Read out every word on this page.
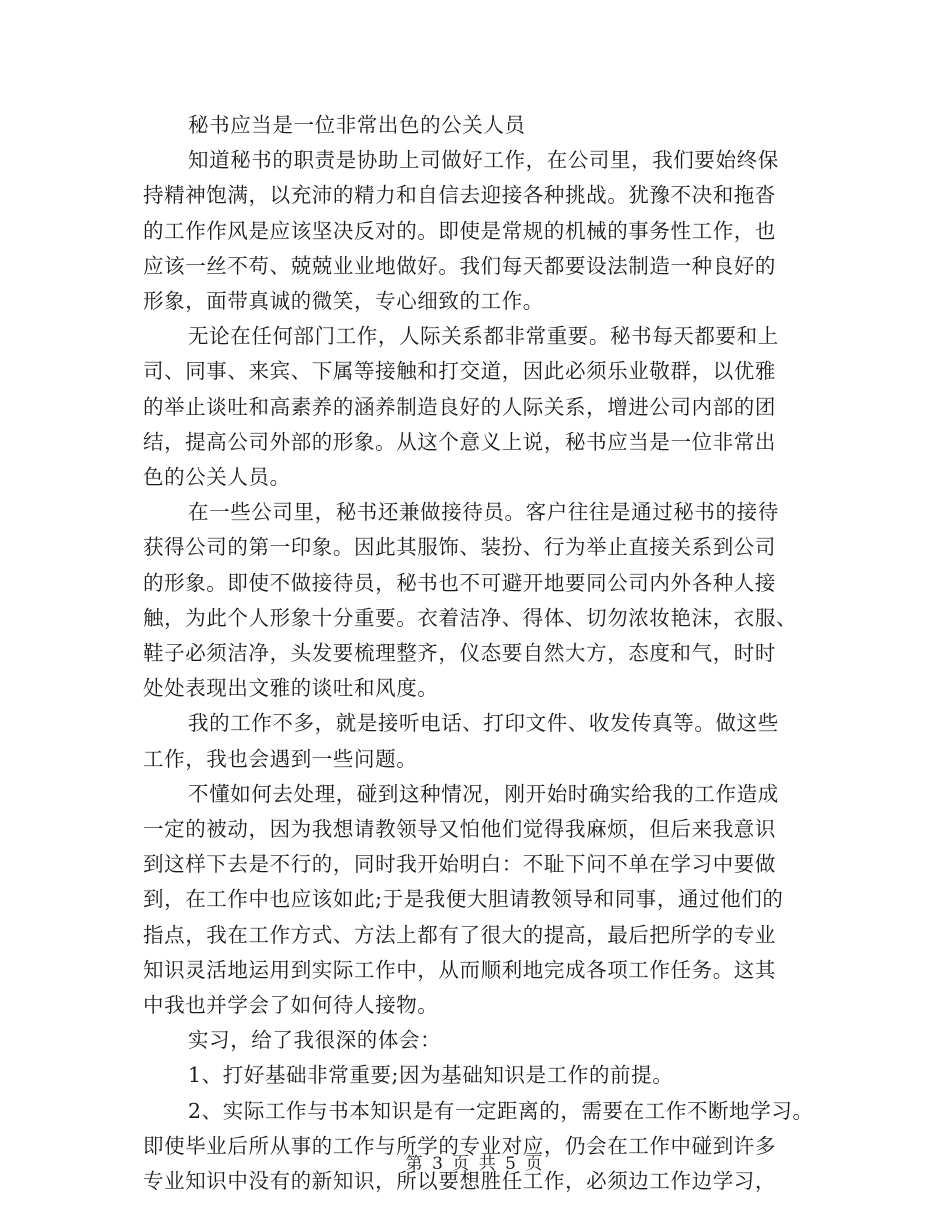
秘书应当是一位非常出色的公关人员
知道秘书的职责是协助上司做好工作，在公司里，我们要始终保
持精神饱满，以充沛的精力和自信去迎接各种挑战。犹豫不决和拖沓
的工作作风是应该坚决反对的。即使是常规的机械的事务性工作，也
应该一丝不苟、兢兢业业地做好。我们每天都要设法制造一种良好的
形象，面带真诚的微笑，专心细致的工作。
无论在任何部门工作，人际关系都非常重要。秘书每天都要和上
司、同事、来宾、下属等接触和打交道，因此必须乐业敬群，以优雅
的举止谈吐和高素养的涵养制造良好的人际关系，增进公司内部的团
结，提高公司外部的形象。从这个意义上说，秘书应当是一位非常出
色的公关人员。
在一些公司里，秘书还兼做接待员。客户往往是通过秘书的接待
获得公司的第一印象。因此其服饰、装扮、行为举止直接关系到公司
的形象。即使不做接待员，秘书也不可避开地要同公司内外各种人接
触，为此个人形象十分重要。衣着洁净、得体、切勿浓妆艳沫，衣服、
鞋子必须洁净，头发要梳理整齐，仪态要自然大方，态度和气，时时
处处表现出文雅的谈吐和风度。
我的工作不多，就是接听电话、打印文件、收发传真等。做这些
工作，我也会遇到一些问题。
不懂如何去处理，碰到这种情况，刚开始时确实给我的工作造成
一定的被动，因为我想请教领导又怕他们觉得我麻烦，但后来我意识
到这样下去是不行的，同时我开始明白：不耻下问不单在学习中要做
到，在工作中也应该如此;于是我便大胆请教领导和同事，通过他们的
指点，我在工作方式、方法上都有了很大的提高，最后把所学的专业
知识灵活地运用到实际工作中，从而顺利地完成各项工作任务。这其
中我也并学会了如何待人接物。
实习，给了我很深的体会：
1、打好基础非常重要;因为基础知识是工作的前提。
2、实际工作与书本知识是有一定距离的，需要在工作不断地学习。
即使毕业后所从事的工作与所学的专业对应，仍会在工作中碰到许多
专业知识中没有的新知识，所以要想胜任工作，必须边工作边学习，
第 3 页 共 5 页
